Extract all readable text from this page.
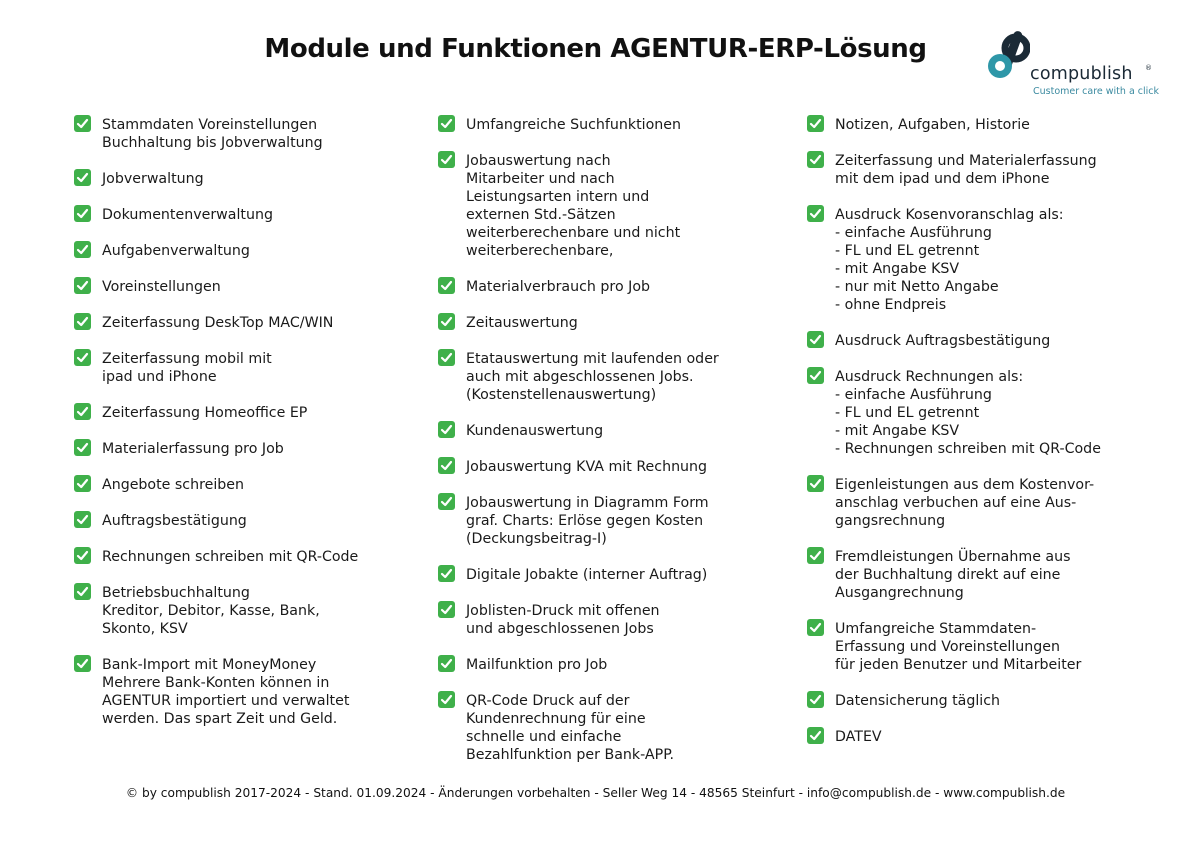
Module und Funktionen AGENTUR-ERP-Lösung
compublish ®
Customer care with a click
Stammdaten Voreinstellungen
Buchhaltung bis Jobverwaltung
Jobverwaltung
Dokumentenverwaltung
Aufgabenverwaltung
Voreinstellungen
Zeiterfassung DeskTop MAC/WIN
Zeiterfassung mobil mit
ipad und iPhone
Zeiterfassung Homeoffice EP
Materialerfassung pro Job
Angebote schreiben
Auftragsbestätigung
Rechnungen schreiben mit QR-Code
Betriebsbuchhaltung
Kreditor, Debitor, Kasse, Bank,
Skonto, KSV
Bank-Import mit MoneyMoney
Mehrere Bank-Konten können in
AGENTUR importiert und verwaltet
werden. Das spart Zeit und Geld.
Umfangreiche Suchfunktionen
Jobauswertung nach
Mitarbeiter und nach
Leistungsarten intern und
externen Std.-Sätzen
weiterberechenbare und nicht
weiterberechenbare,
Materialverbrauch pro Job
Zeitauswertung
Etatauswertung mit laufenden oder
auch mit abgeschlossenen Jobs.
(Kostenstellenauswertung)
Kundenauswertung
Jobauswertung KVA mit Rechnung
Jobauswertung in Diagramm Form
graf. Charts: Erlöse gegen Kosten
(Deckungsbeitrag-I)
Digitale Jobakte (interner Auftrag)
Joblisten-Druck mit offenen
und abgeschlossenen Jobs
Mailfunktion pro Job
QR-Code Druck auf der
Kundenrechnung für eine
schnelle und einfache
Bezahlfunktion per Bank-APP.
Notizen, Aufgaben, Historie
Zeiterfassung und Materialerfassung
mit dem ipad und dem iPhone
Ausdruck Kosenvoranschlag als:
- einfache Ausführung
- FL und EL getrennt
- mit Angabe KSV
- nur mit Netto Angabe
- ohne Endpreis
Ausdruck Auftragsbestätigung
Ausdruck Rechnungen als:
- einfache Ausführung
- FL und EL getrennt
- mit Angabe KSV
- Rechnungen schreiben mit QR-Code
Eigenleistungen aus dem Kostenvor-
anschlag verbuchen auf eine Aus-
gangsrechnung
Fremdleistungen Übernahme aus
der Buchhaltung direkt auf eine
Ausgangrechnung
Umfangreiche Stammdaten-
Erfassung und Voreinstellungen
für jeden Benutzer und Mitarbeiter
Datensicherung täglich
DATEV
© by compublish 2017-2024 - Stand. 01.09.2024 - Änderungen vorbehalten - Seller Weg 14 - 48565 Steinfurt - info@compublish.de - www.compublish.de
